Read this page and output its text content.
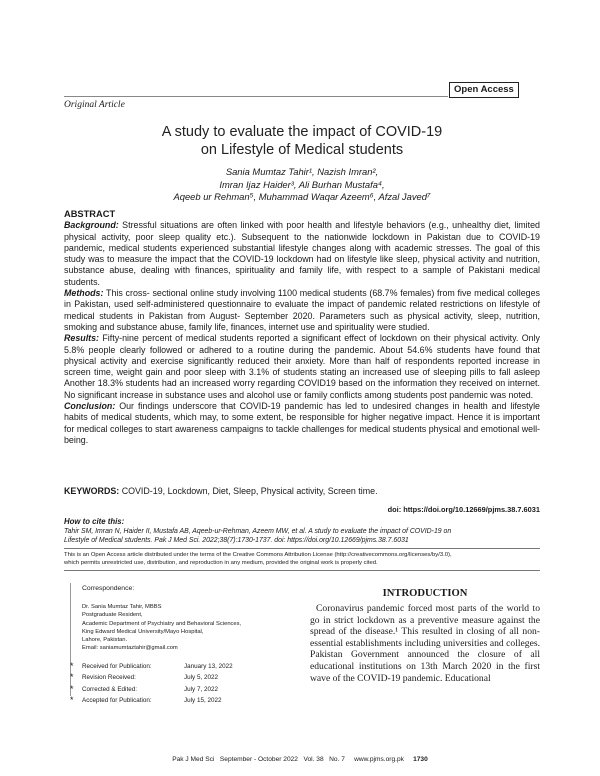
Open Access
Original Article
A study to evaluate the impact of COVID-19
on Lifestyle of Medical students
Sania Mumtaz Tahir¹, Nazish Imran²,
Imran Ijaz Haider³, Ali Burhan Mustafa⁴,
Aqeeb ur Rehman⁵, Muhammad Waqar Azeem⁶, Afzal Javed⁷

ABSTRACT

Background: Stressful situations are often linked with poor health and lifestyle behaviors (e.g., unhealthy diet, limited physical activity, poor sleep quality etc.). Subsequent to the nationwide lockdown in Pakistan due to COVID-19 pandemic, medical students experienced substantial lifestyle changes along with academic stresses. The goal of this study was to measure the impact that the COVID-19 lockdown had on lifestyle like sleep, physical activity and nutrition, substance abuse, dealing with finances, spirituality and family life, with respect to a sample of Pakistani medical students.

Methods: This cross- sectional online study involving 1100 medical students (68.7% females) from five medical colleges in Pakistan, used self-administered questionnaire to evaluate the impact of pandemic related restrictions on lifestyle of medical students in Pakistan from August- September 2020. Parameters such as physical activity, sleep, nutrition, smoking and substance abuse, family life, finances, internet use and spirituality were studied.

Results: Fifty-nine percent of medical students reported a significant effect of lockdown on their physical activity. Only 5.8% people clearly followed or adhered to a routine during the pandemic. About 54.6% students have found that physical activity and exercise significantly reduced their anxiety. More than half of respondents reported increase in screen time, weight gain and poor sleep with 3.1% of students stating an increased use of sleeping pills to fall asleep Another 18.3% students had an increased worry regarding COVID19 based on the information they received on internet. No significant increase in substance uses and alcohol use or family conflicts among students post pandemic was noted.

Conclusion: Our findings underscore that COVID-19 pandemic has led to undesired changes in health and lifestyle habits of medical students, which may, to some extent, be responsible for higher negative impact. Hence it is important for medical colleges to start awareness campaigns to tackle challenges for medical students physical and emotional well-being.

KEYWORDS: COVID-19, Lockdown, Diet, Sleep, Physical activity, Screen time.
doi: https://doi.org/10.12669/pjms.38.7.6031
How to cite this:
Tahir SM, Imran N, Haider II, Mustafa AB, Aqeeb-ur-Rehman, Azeem MW, et al. A study to evaluate the impact of COVID-19 on
Lifestyle of Medical students. Pak J Med Sci. 2022;38(7):1730-1737. doi: https://doi.org/10.12669/pjms.38.7.6031
This is an Open Access article distributed under the terms of the Creative Commons Attribution License (http://creativecommons.org/licenses/by/3.0),
which permits unrestricted use, distribution, and reproduction in any medium, provided the original work is properly cited.
Correspondence:
Dr. Sania Mumtaz Tahir, MBBS
Postgraduate Resident,
Academic Department of Psychiatry and Behavioral Sciences,
King Edward Medical University/Mayo Hospital,
Lahore, Pakistan.
Email: saniamumtaztahir@gmail.com
*	Received for Publication:	January 13, 2022
*	Revision Received:	July 5, 2022
*	Corrected & Edited:	July 7, 2022
*	Accepted for Publication:	July 15, 2022
INTRODUCTION

Coronavirus pandemic forced most parts of the world to go in strict lockdown as a preventive measure against the spread of the disease.¹ This resulted in closing of all non-essential establishments including universities and colleges. Pakistan Government announced the closure of all educational institutions on 13th March 2020 in the first wave of the COVID-19 pandemic. Educational

Pak J Med Sci September - October 2022 Vol. 38 No. 7 www.pjms.org.pk 1730
